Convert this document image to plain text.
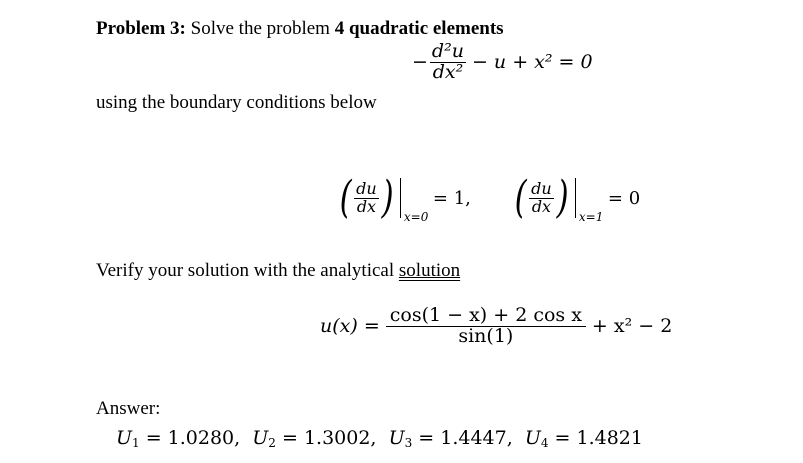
Problem 3: Solve the problem 4 quadratic elements
− $\frac{\text{d²u}}{\text{dx²}} - u + x^2 = 0$
using the boundary conditions below
( $\frac{du}{dx}$ ) x=0
= 1, ( $\frac{du}{dx}$ ) x=1
= 0
Verify your solution with the analytical solution
$u(x) = \frac{\text{cos(1 − x) + 2 cos x}}{\sin(1)} + x^2 - 2$
Answer:
U1 = 1.0280, U2 = 1.3002, U3 = 1.4447, U4 = 1.4821
